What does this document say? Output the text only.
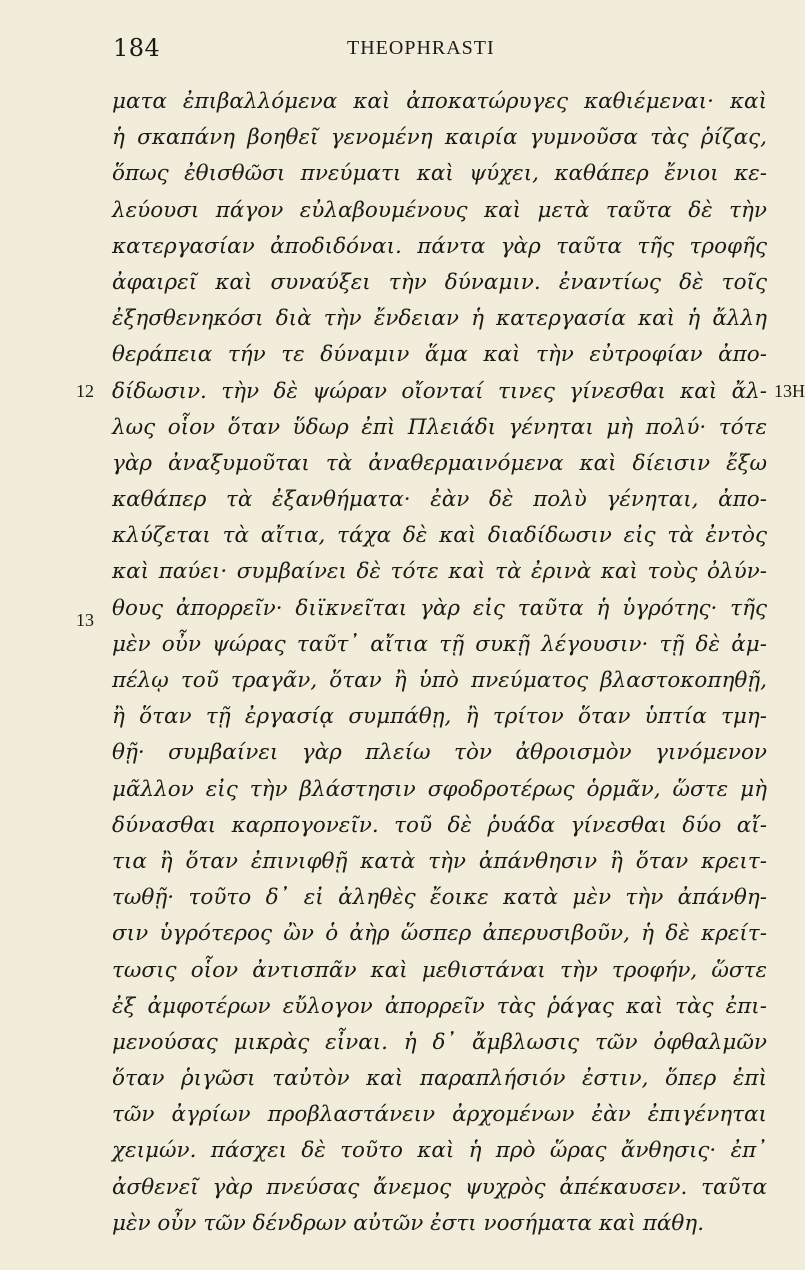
184	THEOPHRASTI
12	13H
13
ματα ἐπιβαλλόμενα καὶ ἀποκατώρυγες καθιέμεναι· καὶ
ἡ σκαπάνη βοηθεῖ γενομένη καιρία γυμνοῦσα τὰς ῥίζας,
ὅπως ἐθισθῶσι πνεύματι καὶ ψύχει, καθάπερ ἔνιοι κε-
λεύουσι πάγον εὐλαβουμένους καὶ μετὰ ταῦτα δὲ τὴν
κατεργασίαν ἀποδιδόναι. πάντα γὰρ ταῦτα τῆς τροφῆς
ἀφαιρεῖ καὶ συναύξει τὴν δύναμιν. ἐναντίως δὲ τοῖς
ἐξησθενηκόσι διὰ τὴν ἔνδειαν ἡ κατεργασία καὶ ἡ ἄλλη
θεράπεια τήν τε δύναμιν ἅμα καὶ τὴν εὐτροφίαν ἀπο-
δίδωσιν. τὴν δὲ ψώραν οἴονταί τινες γίνεσθαι καὶ ἄλ-
λως οἷον ὅταν ὕδωρ ἐπὶ Πλειάδι γένηται μὴ πολύ· τότε
γὰρ ἀναξυμοῦται τὰ ἀναθερμαινόμενα καὶ δίεισιν ἔξω
καθάπερ τὰ ἐξανθήματα· ἐὰν δὲ πολὺ γένηται, ἀπο-
κλύζεται τὰ αἴτια, τάχα δὲ καὶ διαδίδωσιν εἰς τὰ ἐντὸς
καὶ παύει· συμβαίνει δὲ τότε καὶ τὰ ἐρινὰ καὶ τοὺς ὀλύν-
θους ἀπορρεῖν· διϊκνεῖται γὰρ εἰς ταῦτα ἡ ὑγρότης· τῆς
μὲν οὖν ψώρας ταῦτ᾽ αἴτια τῇ συκῇ λέγουσιν· τῇ δὲ ἀμ-
πέλῳ τοῦ τραγᾶν, ὅταν ἢ ὑπὸ πνεύματος βλαστοκοπηθῇ,
ἢ ὅταν τῇ ἐργασίᾳ συμπάθῃ, ἢ τρίτον ὅταν ὑπτία τμη-
θῇ· συμβαίνει γὰρ πλείω τὸν ἀθροισμὸν γινόμενον
μᾶλλον εἰς τὴν βλάστησιν σφοδροτέρως ὁρμᾶν, ὥστε μὴ
δύνασθαι καρπογονεῖν. τοῦ δὲ ῥυάδα γίνεσθαι δύο αἴ-
τια ἢ ὅταν ἐπινιφθῇ κατὰ τὴν ἀπάνθησιν ἢ ὅταν κρειτ-
τωθῇ· τοῦτο δ᾽ εἰ ἀληθὲς ἔοικε κατὰ μὲν τὴν ἀπάνθη-
σιν ὑγρότερος ὢν ὁ ἀὴρ ὥσπερ ἀπερυσιβοῦν, ἡ δὲ κρείτ-
τωσις οἷον ἀντισπᾶν καὶ μεθιστάναι τὴν τροφήν, ὥστε
ἐξ ἀμφοτέρων εὔλογον ἀπορρεῖν τὰς ῥάγας καὶ τὰς ἐπι-
μενούσας μικρὰς εἶναι. ἡ δ᾽ ἄμβλωσις τῶν ὀφθαλμῶν
ὅταν ῥιγῶσι ταὐτὸν καὶ παραπλήσιόν ἐστιν, ὅπερ ἐπὶ
τῶν ἀγρίων προβλαστάνειν ἀρχομένων ἐὰν ἐπιγένηται
χειμών. πάσχει δὲ τοῦτο καὶ ἡ πρὸ ὥρας ἄνθησις· ἐπ᾽
ἀσθενεῖ γὰρ πνεύσας ἄνεμος ψυχρὸς ἀπέκαυσεν. ταῦτα
μὲν οὖν τῶν δένδρων αὐτῶν ἐστι νοσήματα καὶ πάθη.
